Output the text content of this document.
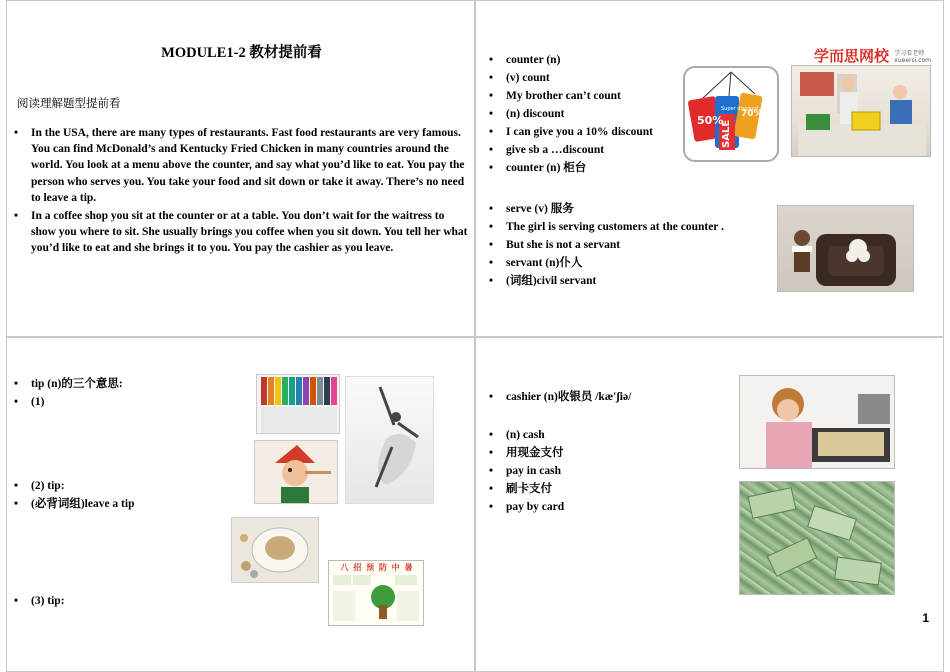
MODULE1-2 教材提前看
阅读理解题型提前看
• In the USA, there are many types of restaurants. Fast food restaurants are very famous. You can find McDonald’s and Kentucky Fried Chicken in many countries around the world. You look at a menu above the counter, and say what you’d like to eat. You pay the person who serves you. You take your food and sit down or take it away. There’s no need to leave a tip.
• In a coffee shop you sit at the counter or at a table. You don’t wait for the waitress to show you where to sit. She usually brings you coffee when you sit down. You tell her what you’d like to eat and she brings it to you. You pay the cashier as you leave.
学而思网校 学习看老师
xueersi.com
• counter (n)
• (v) count
• My brother can’t count
• (n) discount
• I can give you a 10% discount
• give sb a …discount
• counter (n) 柜台
• serve (v) 服务
• The girl is serving customers at the counter .
• But she is not a servant
• servant (n)仆人
• (词组)civil servant
50%
SALE
Super discount
70%
• tip (n)的三个意思:
• (1)
• (2) tip:
• (必背词组)leave a tip
• (3) tip:
八 招 预 防 中 暑
• cashier (n)收银员 /kæ'ʃiə/
• (n) cash
• 用现金支付
• pay in cash
• 刷卡支付
• pay by card
1
